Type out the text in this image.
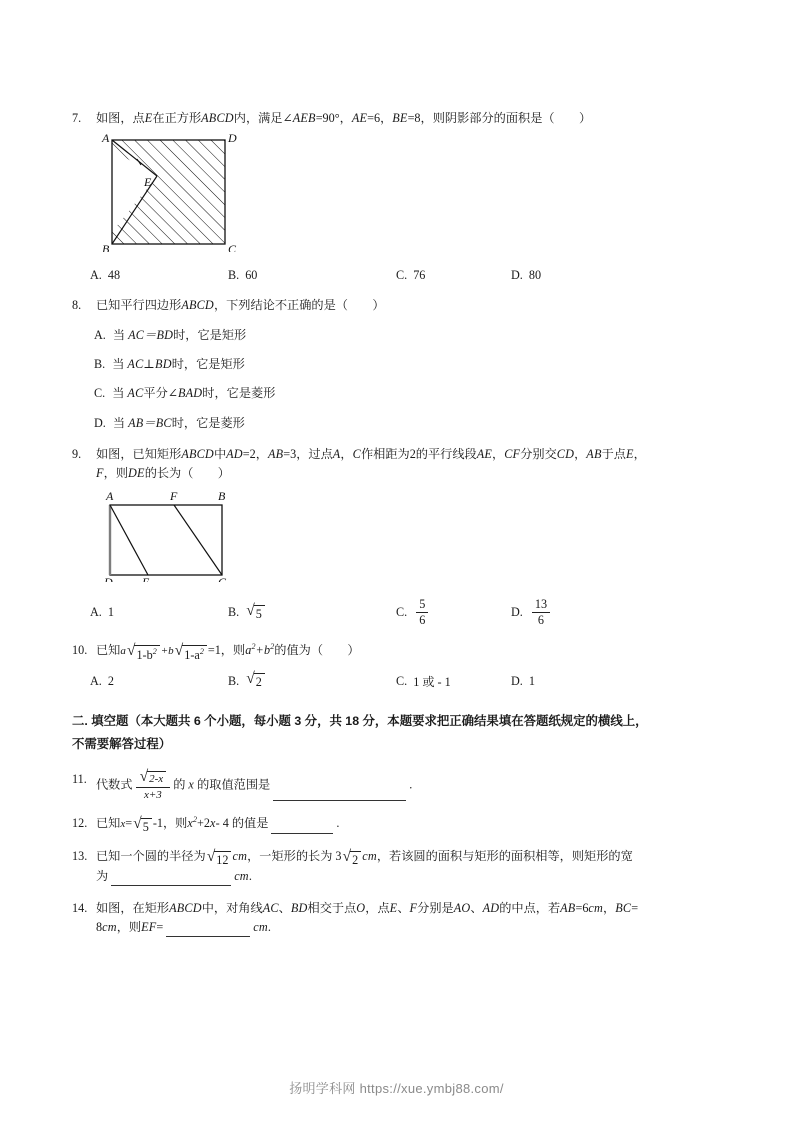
7.	如图，点E在正方形ABCD内，满足∠AEB=90°，AE=6，BE=8，则阴影部分的面积是（　　）
A
B	C
D
E
A. 48	B. 60	C. 76	D. 80
8.	已知平行四边形ABCD，下列结论不正确的是（　　）
A. 当 AC＝BD时，它是矩形
B. 当 AC⊥BD时，它是矩形
C. 当 AC平分∠BAD时，它是菱形
D. 当 AB＝BC时，它是菱形
9.	如图，已知矩形ABCD中AD=2，AB=3，过点A，C作相距为2的平行线段AE，CF分别交CD，AB于点E，
F，则DE的长为（　　）
A	F	B
D E	C
A. 1	B. √ 5	C. $\frac{5}{6}$	D. $\frac{13}{6}$
10. 已知a √ $1-b^2 +b$ √ $1-a^2 =1$，则$a^2+b^2$的值为（　　）
A. 2	B. √ 2	C. 1 或 - 1	D. 1
二. 填空题（本大题共 6 个小题，每小题 3 分，共 18 分，本题要求把正确结果填在答题纸规定的横线上，
不需要解答过程）
11. 代数式 $\frac{√ 2-x}{x+3}$ 的 x 的取值范围是	.
12. 已知x= √ 5 -1，则$x^2+2x-$ 4 的值是	.
13. 已知一个圆的半径为 √ 12 cm，一矩形的长为 3 √ 2 cm，若该圆的面积与矩形的面积相等，则矩形的宽
为	cm.
14. 如图，在矩形ABCD中，对角线AC、BD相交于点O，点E、F分别是AO、AD的中点，若AB=6cm，BC=
8cm，则EF=	cm.
扬明学科网 https://xue.ymbj88.com/
